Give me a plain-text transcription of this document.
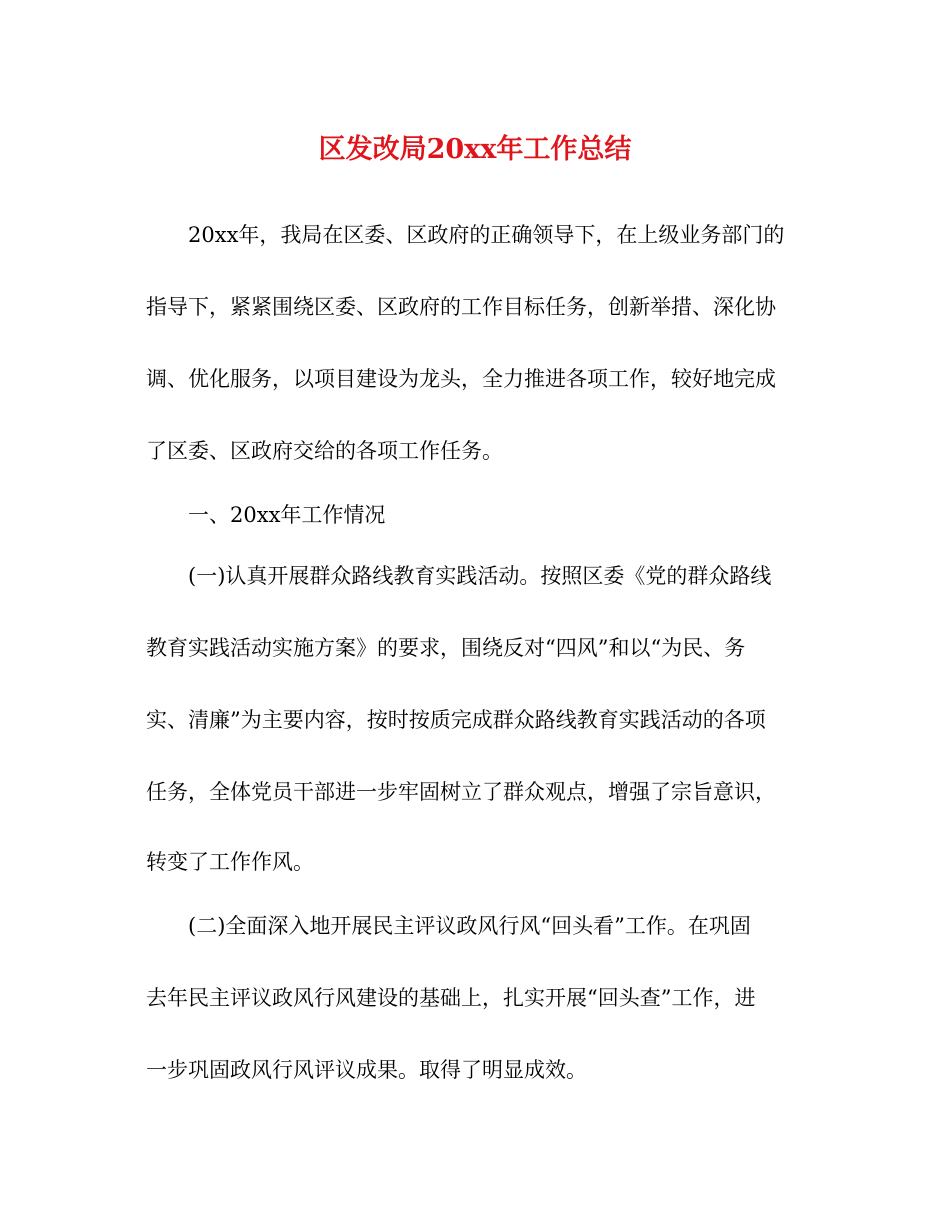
区发改局20xx年工作总结

20xx年，我局在区委、区政府的正确领导下，在上级业务部门的

指导下，紧紧围绕区委、区政府的工作目标任务，创新举措、深化协

调、优化服务，以项目建设为龙头，全力推进各项工作，较好地完成

了区委、区政府交给的各项工作任务。

一、20xx年工作情况

(一)认真开展群众路线教育实践活动。按照区委《党的群众路线

教育实践活动实施方案》的要求，围绕反对“四风”和以“为民、务

实、清廉”为主要内容，按时按质完成群众路线教育实践活动的各项

任务，全体党员干部进一步牢固树立了群众观点，增强了宗旨意识，

转变了工作作风。

(二)全面深入地开展民主评议政风行风“回头看”工作。在巩固

去年民主评议政风行风建设的基础上，扎实开展“回头查”工作，进

一步巩固政风行风评议成果。取得了明显成效。
